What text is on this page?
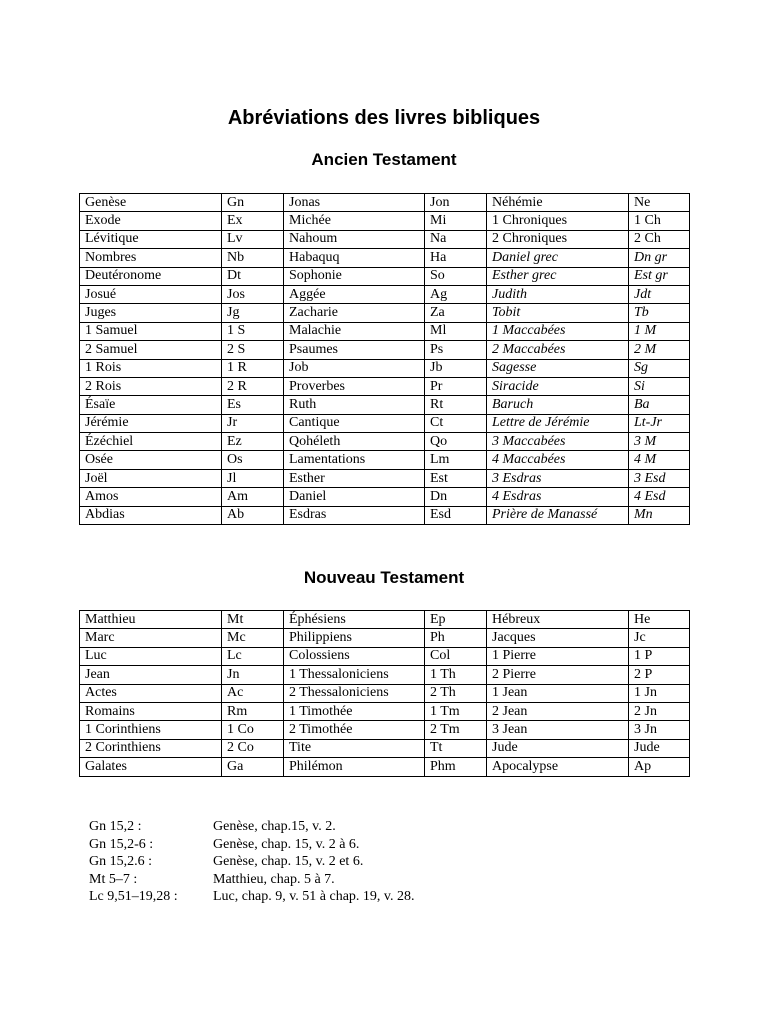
Abréviations des livres bibliques
Ancien Testament
Genèse	Gn	Jonas	Jon	Néhémie	Ne
Exode	Ex	Michée	Mi	1 Chroniques	1 Ch
Lévitique	Lv	Nahoum	Na	2 Chroniques	2 Ch
Nombres	Nb	Habaquq	Ha	Daniel grec	Dn gr
Deutéronome	Dt	Sophonie	So	Esther grec	Est gr
Josué	Jos	Aggée	Ag	Judith	Jdt
Juges	Jg	Zacharie	Za	Tobit	Tb
1 Samuel	1 S	Malachie	Ml	1 Maccabées	1 M
2 Samuel	2 S	Psaumes	Ps	2 Maccabées	2 M
1 Rois	1 R	Job	Jb	Sagesse	Sg
2 Rois	2 R	Proverbes	Pr	Siracide	Si
Ésaïe	Es	Ruth	Rt	Baruch	Ba
Jérémie	Jr	Cantique	Ct	Lettre de Jérémie	Lt-Jr
Ézéchiel	Ez	Qohéleth	Qo	3 Maccabées	3 M
Osée	Os	Lamentations	Lm	4 Maccabées	4 M
Joël	Jl	Esther	Est	3 Esdras	3 Esd
Amos	Am	Daniel	Dn	4 Esdras	4 Esd
Abdias	Ab	Esdras	Esd	Prière de Manassé	Mn
Nouveau Testament
Matthieu	Mt	Éphésiens	Ep	Hébreux	He
Marc	Mc	Philippiens	Ph	Jacques	Jc
Luc	Lc	Colossiens	Col	1 Pierre	1 P
Jean	Jn	1 Thessaloniciens	1 Th	2 Pierre	2 P
Actes	Ac	2 Thessaloniciens	2 Th	1 Jean	1 Jn
Romains	Rm	1 Timothée	1 Tm	2 Jean	2 Jn
1 Corinthiens	1 Co	2 Timothée	2 Tm	3 Jean	3 Jn
2 Corinthiens	2 Co	Tite	Tt	Jude	Jude
Galates	Ga	Philémon	Phm	Apocalypse	Ap
Gn 15,2 :	Genèse, chap.15, v. 2.
Gn 15,2-6 :	Genèse, chap. 15, v. 2 à 6.
Gn 15,2.6 :	Genèse, chap. 15, v. 2 et 6.
Mt 5–7 :	Matthieu, chap. 5 à 7.
Lc 9,51–19,28 :	Luc, chap. 9, v. 51 à chap. 19, v. 28.
